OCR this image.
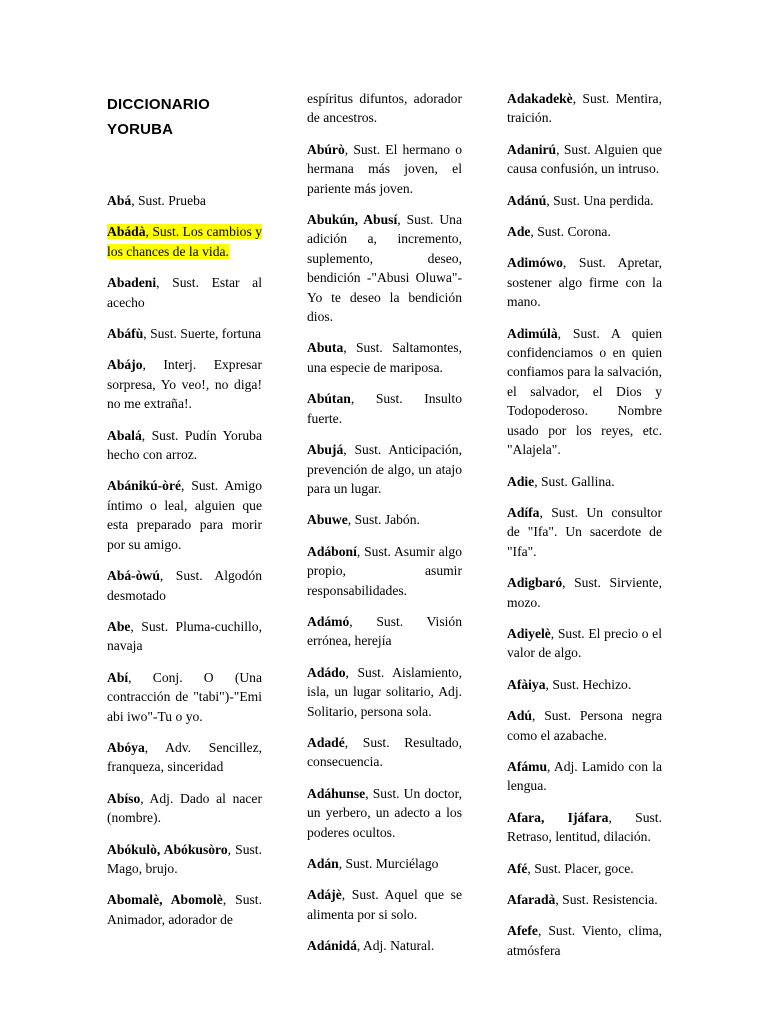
DICCIONARIO YORUBA

Abá, Sust. Prueba

Abádà, Sust. Los cambios y los chances de la vida.

Abadeni, Sust. Estar al acecho

Abáfù, Sust. Suerte, fortuna

Abájo, Interj. Expresar sorpresa, Yo veo!, no diga! no me extraña!.

Abalá, Sust. Pudín Yoruba hecho con arroz.

Abánikú-òré, Sust. Amigo íntimo o leal, alguien que esta preparado para morir por su amigo.

Abá-òwú, Sust. Algodón desmotado

Abe, Sust. Pluma-cuchillo, navaja

Abí, Conj. O (Una contracción de "tabi")-"Emi abi iwo"-Tu o yo.

Abóya, Adv. Sencillez, franqueza, sinceridad

Abíso, Adj. Dado al nacer (nombre).

Abókulò, Abókusòro, Sust. Mago, brujo.

Abomalè, Abomolè, Sust. Animador, adorador de

espíritus difuntos, adorador de ancestros.

Abúrò, Sust. El hermano o hermana más joven, el pariente más joven.

Abukún, Abusí, Sust. Una adición a, incremento, suplemento, deseo, bendición -"Abusi Oluwa"-Yo te deseo la bendición dios.

Abuta, Sust. Saltamontes, una especie de mariposa.

Abútan, Sust. Insulto fuerte.

Abujá, Sust. Anticipación, prevención de algo, un atajo para un lugar.

Abuwe, Sust. Jabón.

Adáboní, Sust. Asumir algo propio, asumir responsabilidades.

Adámó, Sust. Visión errónea, herejía

Adádo, Sust. Aislamiento, isla, un lugar solitario, Adj. Solitario, persona sola.

Adadé, Sust. Resultado, consecuencia.

Adáhunse, Sust. Un doctor, un yerbero, un adecto a los poderes ocultos.

Adán, Sust. Murciélago

Adájè, Sust. Aquel que se alimenta por si solo.

Adánidá, Adj. Natural.

Adakadekè, Sust. Mentira, traición.

Adanirú, Sust. Alguien que causa confusión, un intruso.

Adánú, Sust. Una perdida.

Ade, Sust. Corona.

Adimówo, Sust. Apretar, sostener algo firme con la mano.

Adimúlà, Sust. A quien confidenciamos o en quien confiamos para la salvación, el salvador, el Dios y Todopoderoso. Nombre usado por los reyes, etc. "Alajela".

Adie, Sust. Gallina.

Adífa, Sust. Un consultor de "Ifa". Un sacerdote de "Ifa".

Adigbaró, Sust. Sirviente, mozo.

Adiyelè, Sust. El precio o el valor de algo.

Afàiya, Sust. Hechizo.

Adú, Sust. Persona negra como el azabache.

Afámu, Adj. Lamido con la lengua.

Afara, Ijáfara, Sust. Retraso, lentitud, dilación.

Afé, Sust. Placer, goce.

Afaradà, Sust. Resistencia.

Afefe, Sust. Viento, clima, atmósfera
